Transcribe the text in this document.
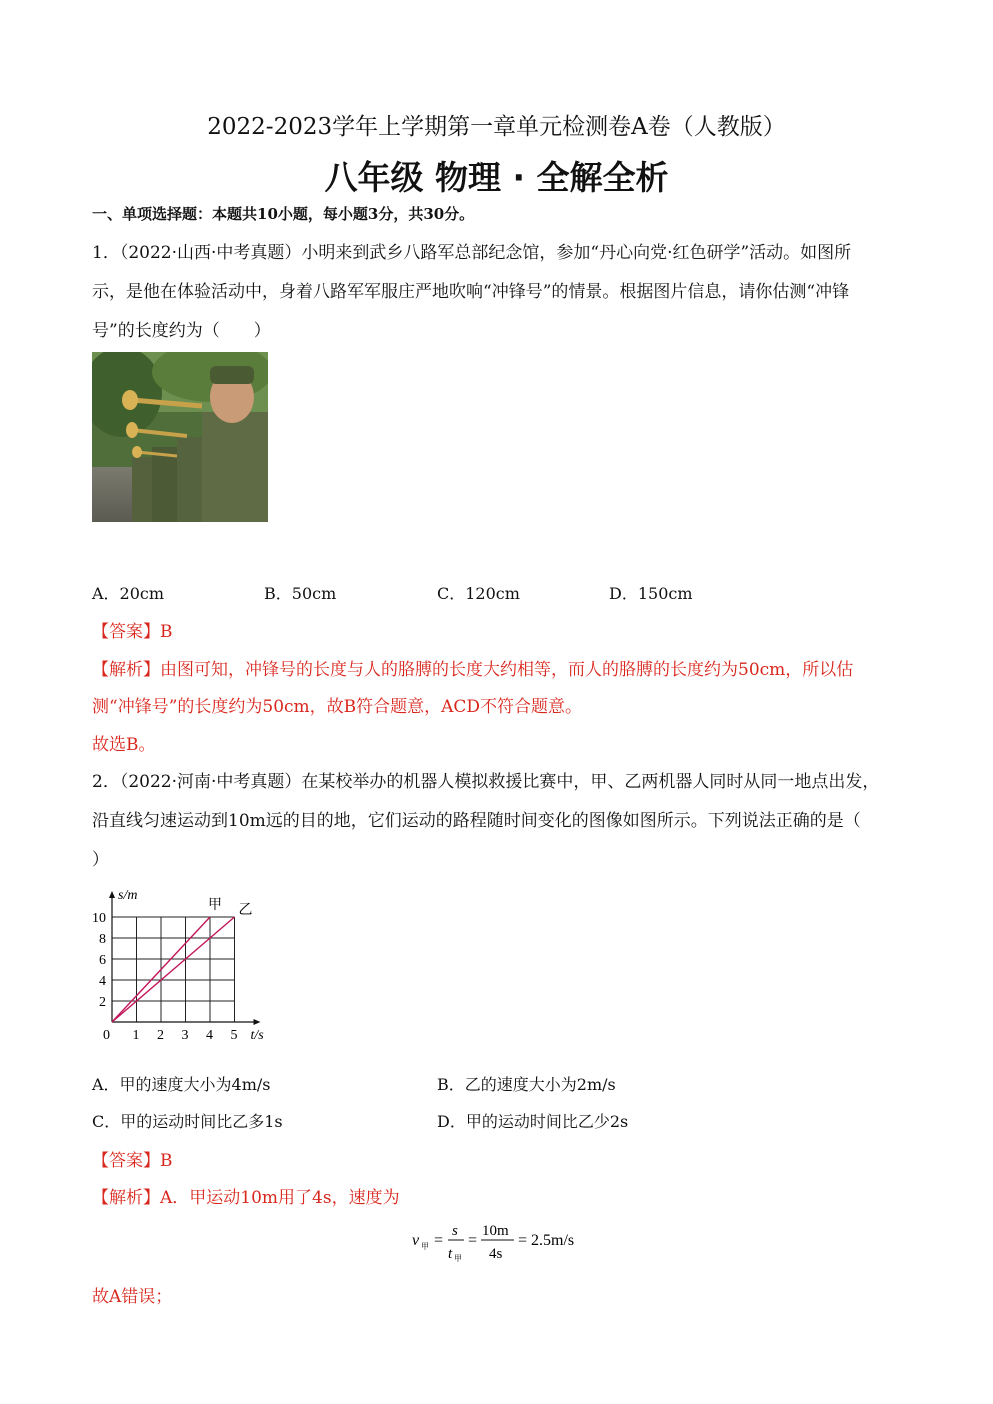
2022-2023学年上学期第一章单元检测卷A卷（人教版）
八年级 物理 · 全解全析
一、单项选择题：本题共10小题，每小题3分，共30分。
1．（2022·山西·中考真题）小明来到武乡八路军总部纪念馆，参加“丹心向党·红色研学”活动。如图所
示，是他在体验活动中，身着八路军军服庄严地吹响“冲锋号”的情景。根据图片信息，请你估测“冲锋
号”的长度约为（　　）
A．20cm	B．50cm	C．120cm	D．150cm
【答案】B
【解析】由图可知，冲锋号的长度与人的胳膊的长度大约相等，而人的胳膊的长度约为50cm，所以估
测“冲锋号”的长度约为50cm，故B符合题意，ACD不符合题意。
故选B。
2．（2022·河南·中考真题）在某校举办的机器人模拟救援比赛中，甲、乙两机器人同时从同一地点出发，
沿直线匀速运动到10m远的目的地，它们运动的路程随时间变化的图像如图所示。下列说法正确的是（
）
0 1 2 3 4 5
2
4
6
8
10
s/m
t/s
甲 乙
A．甲的速度大小为4m/s	B．乙的速度大小为2m/s
C．甲的运动时间比乙多1s	D．甲的运动时间比乙少2s
【答案】B
【解析】A．甲运动10m用了4s，速度为
v 甲 =
s
t 甲
=
10m
4s
= 2.5m/s
故A错误；
